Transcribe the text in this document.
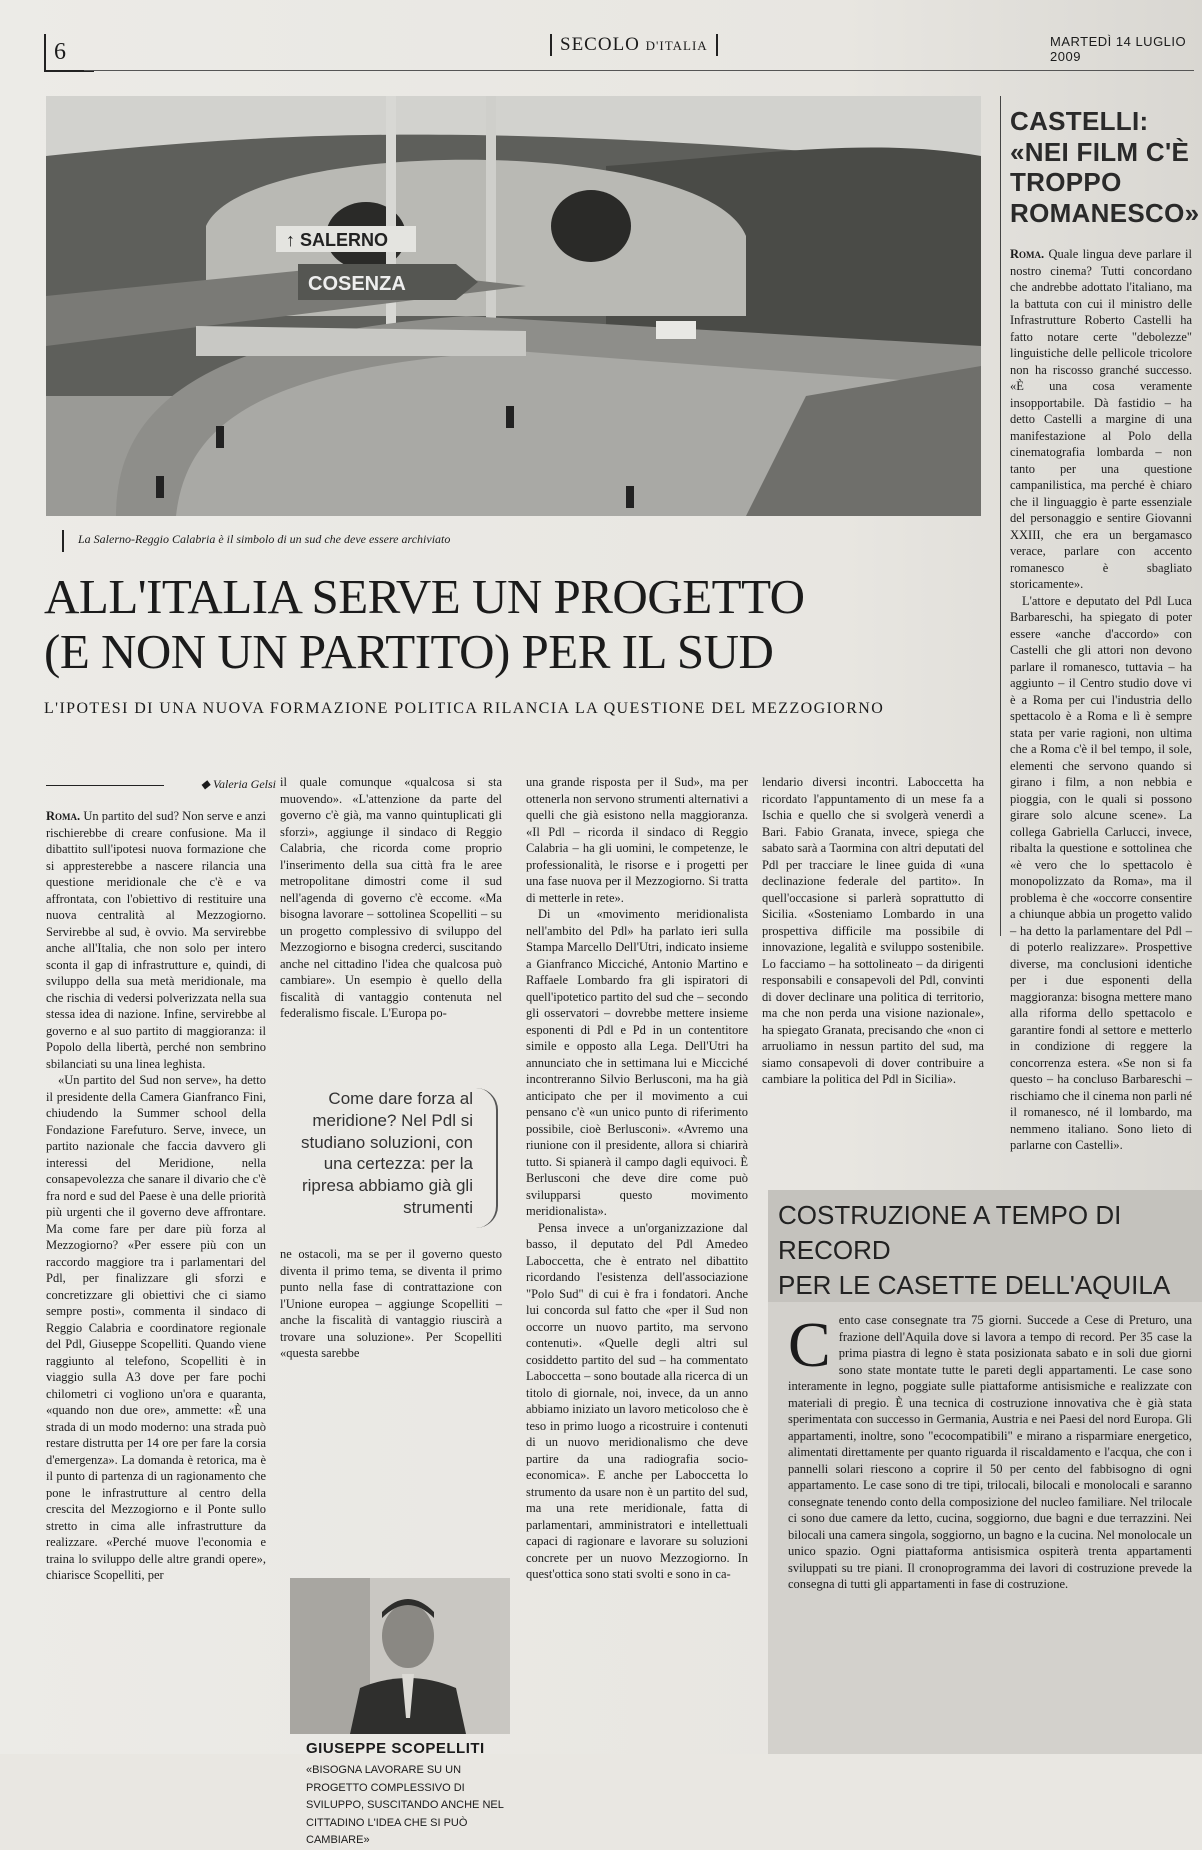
6	SECOLO D'ITALIA	MARTEDÌ 14 LUGLIO 2009
↑ SALERNO
COSENZA
La Salerno-Reggio Calabria è il simbolo di un sud che deve essere archiviato
ALL'ITALIA SERVE UN PROGETTO
(E NON UN PARTITO) PER IL SUD
L'IPOTESI DI UNA NUOVA FORMAZIONE POLITICA RILANCIA LA QUESTIONE DEL MEZZOGIORNO
◆ Valeria Gelsi

Roma. Un partito del sud? Non serve e anzi rischierebbe di creare confusione. Ma il dibattito sull'ipotesi nuova formazione che si appresterebbe a nascere rilancia una questione meridionale che c'è e va affrontata, con l'obiettivo di restituire una nuova centralità al Mezzogiorno. Servirebbe al sud, è ovvio. Ma servirebbe anche all'Italia, che non solo per intero sconta il gap di infrastrutture e, quindi, di sviluppo della sua metà meridionale, ma che rischia di vedersi polverizzata nella sua stessa idea di nazione. Infine, servirebbe al governo e al suo partito di maggioranza: il Popolo della libertà, perché non sembrino sbilanciati su una linea leghista.

«Un partito del Sud non serve», ha detto il presidente della Camera Gianfranco Fini, chiudendo la Summer school della Fondazione Farefuturo. Serve, invece, un partito nazionale che faccia davvero gli interessi del Meridione, nella consapevolezza che sanare il divario che c'è fra nord e sud del Paese è una delle priorità più urgenti che il governo deve affrontare. Ma come fare per dare più forza al Mezzogiorno? «Per essere più con un raccordo maggiore tra i parlamentari del Pdl, per finalizzare gli sforzi e concretizzare gli obiettivi che ci siamo sempre posti», commenta il sindaco di Reggio Calabria e coordinatore regionale del Pdl, Giuseppe Scopelliti. Quando viene raggiunto al telefono, Scopelliti è in viaggio sulla A3 dove per fare pochi chilometri ci vogliono un'ora e quaranta, «quando non due ore», ammette: «È una strada di un modo moderno: una strada può restare distrutta per 14 ore per fare la corsia d'emergenza». La domanda è retorica, ma è il punto di partenza di un ragionamento che pone le infrastrutture al centro della crescita del Mezzogiorno e il Ponte sullo stretto in cima alle infrastrutture da realizzare. «Perché muove l'economia e traina lo sviluppo delle altre grandi opere», chiarisce Scopelliti, per

il quale comunque «qualcosa si sta muovendo». «L'attenzione da parte del governo c'è già, ma vanno quintuplicati gli sforzi», aggiunge il sindaco di Reggio Calabria, che ricorda come proprio l'inserimento della sua città fra le aree metropolitane dimostri come il sud nell'agenda di governo c'è eccome. «Ma bisogna lavorare – sottolinea Scopelliti – su un progetto complessivo di sviluppo del Mezzogiorno e bisogna crederci, suscitando anche nel cittadino l'idea che qualcosa può cambiare». Un esempio è quello della fiscalità di vantaggio contenuta nel federalismo fiscale. L'Europa po-

Come dare forza al meridione? Nel Pdl si studiano soluzioni, con una certezza: per la ripresa abbiamo già gli strumenti

ne ostacoli, ma se per il governo questo diventa il primo tema, se diventa il primo punto nella fase di contrattazione con l'Unione europea – aggiunge Scopelliti – anche la fiscalità di vantaggio riuscirà a trovare una soluzione». Per Scopelliti «questa sarebbe

GIUSEPPE SCOPELLITI
«BISOGNA LAVORARE SU UN PROGETTO COMPLESSIVO DI SVILUPPO, SUSCITANDO ANCHE NEL CITTADINO L'IDEA CHE SI PUÒ CAMBIARE»

una grande risposta per il Sud», ma per ottenerla non servono strumenti alternativi a quelli che già esistono nella maggioranza. «Il Pdl – ricorda il sindaco di Reggio Calabria – ha gli uomini, le competenze, le professionalità, le risorse e i progetti per una fase nuova per il Mezzogiorno. Si tratta di metterle in rete».

Di un «movimento meridionalista nell'ambito del Pdl» ha parlato ieri sulla Stampa Marcello Dell'Utri, indicato insieme a Gianfranco Micciché, Antonio Martino e Raffaele Lombardo fra gli ispiratori di quell'ipotetico partito del sud che – secondo gli osservatori – dovrebbe mettere insieme esponenti di Pdl e Pd in un contentitore simile e opposto alla Lega. Dell'Utri ha annunciato che in settimana lui e Micciché incontreranno Silvio Berlusconi, ma ha già anticipato che per il movimento a cui pensano c'è «un unico punto di riferimento possibile, cioè Berlusconi». «Avremo una riunione con il presidente, allora si chiarirà tutto. Si spianerà il campo dagli equivoci. È Berlusconi che deve dire come può svilupparsi questo movimento meridionalista».

Pensa invece a un'organizzazione dal basso, il deputato del Pdl Amedeo Laboccetta, che è entrato nel dibattito ricordando l'esistenza dell'associazione "Polo Sud" di cui è fra i fondatori. Anche lui concorda sul fatto che «per il Sud non occorre un nuovo partito, ma servono contenuti». «Quelle degli altri sul cosiddetto partito del sud – ha commentato Laboccetta – sono boutade alla ricerca di un titolo di giornale, noi, invece, da un anno abbiamo iniziato un lavoro meticoloso che è teso in primo luogo a ricostruire i contenuti di un nuovo meridionalismo che deve partire da una radiografia socio-economica». E anche per Laboccetta lo strumento da usare non è un partito del sud, ma una rete meridionale, fatta di parlamentari, amministratori e intellettuali capaci di ragionare e lavorare su soluzioni concrete per un nuovo Mezzogiorno. In quest'ottica sono stati svolti e sono in ca-

lendario diversi incontri. Laboccetta ha ricordato l'appuntamento di un mese fa a Ischia e quello che si svolgerà venerdì a Bari. Fabio Granata, invece, spiega che sabato sarà a Taormina con altri deputati del Pdl per tracciare le linee guida di «una declinazione federale del partito». In quell'occasione si parlerà soprattutto di Sicilia. «Sosteniamo Lombardo in una prospettiva difficile ma possibile di innovazione, legalità e sviluppo sostenibile. Lo facciamo – ha sottolineato – da dirigenti responsabili e consapevoli del Pdl, convinti di dover declinare una politica di territorio, ma che non perda una visione nazionale», ha spiegato Granata, precisando che «non ci arruoliamo in nessun partito del sud, ma siamo consapevoli di dover contribuire a cambiare la politica del Pdl in Sicilia».

CASTELLI: «NEI FILM C'È TROPPO ROMANESCO»

Roma. Quale lingua deve parlare il nostro cinema? Tutti concordano che andrebbe adottato l'italiano, ma la battuta con cui il ministro delle Infrastrutture Roberto Castelli ha fatto notare certe "debolezze" linguistiche delle pellicole tricolore non ha riscosso granché successo. «È una cosa veramente insopportabile. Dà fastidio – ha detto Castelli a margine di una manifestazione al Polo della cinematografia lombarda – non tanto per una questione campanilistica, ma perché è chiaro che il linguaggio è parte essenziale del personaggio e sentire Giovanni XXIII, che era un bergamasco verace, parlare con accento romanesco è sbagliato storicamente».

L'attore e deputato del Pdl Luca Barbareschi, ha spiegato di poter essere «anche d'accordo» con Castelli che gli attori non devono parlare il romanesco, tuttavia – ha aggiunto – il Centro studio dove vi è a Roma per cui l'industria dello spettacolo è a Roma e lì è sempre stata per varie ragioni, non ultima che a Roma c'è il bel tempo, il sole, elementi che servono quando si girano i film, a non nebbia e pioggia, con le quali si possono girare solo alcune scene». La collega Gabriella Carlucci, invece, ribalta la questione e sottolinea che «è vero che lo spettacolo è monopolizzato da Roma», ma il problema è che «occorre consentire a chiunque abbia un progetto valido – ha detto la parlamentare del Pdl – di poterlo realizzare». Prospettive diverse, ma conclusioni identiche per i due esponenti della maggioranza: bisogna mettere mano alla riforma dello spettacolo e garantire fondi al settore e metterlo in condizione di reggere la concorrenza estera. «Se non si fa questo – ha concluso Barbareschi – rischiamo che il cinema non parli né il romanesco, né il lombardo, ma nemmeno italiano. Sono lieto di parlarne con Castelli».

COSTRUZIONE A TEMPO DI RECORD
PER LE CASETTE DELL'AQUILA
C ento case consegnate tra 75 giorni. Succede a Cese di Preturo, una frazione dell'Aquila dove si lavora a tempo di record. Per 35 case la prima piastra di legno è stata posizionata sabato e in soli due giorni sono state montate tutte le pareti degli appartamenti. Le case sono interamente in legno, poggiate sulle piattaforme antisismiche e realizzate con materiali di pregio. È una tecnica di costruzione innovativa che è già stata sperimentata con successo in Germania, Austria e nei Paesi del nord Europa. Gli appartamenti, inoltre, sono "ecocompatibili" e mirano a risparmiare energetico, alimentati direttamente per quanto riguarda il riscaldamento e l'acqua, che con i pannelli solari riescono a coprire il 50 per cento del fabbisogno di ogni appartamento. Le case sono di tre tipi, trilocali, bilocali e monolocali e saranno consegnate tenendo conto della composizione del nucleo familiare. Nel trilocale ci sono due camere da letto, cucina, soggiorno, due bagni e due terrazzini. Nei bilocali una camera singola, soggiorno, un bagno e la cucina. Nel monolocale un unico spazio. Ogni piattaforma antisismica ospiterà trenta appartamenti sviluppati su tre piani. Il cronoprogramma dei lavori di costruzione prevede la consegna di tutti gli appartamenti in fase di costruzione.
